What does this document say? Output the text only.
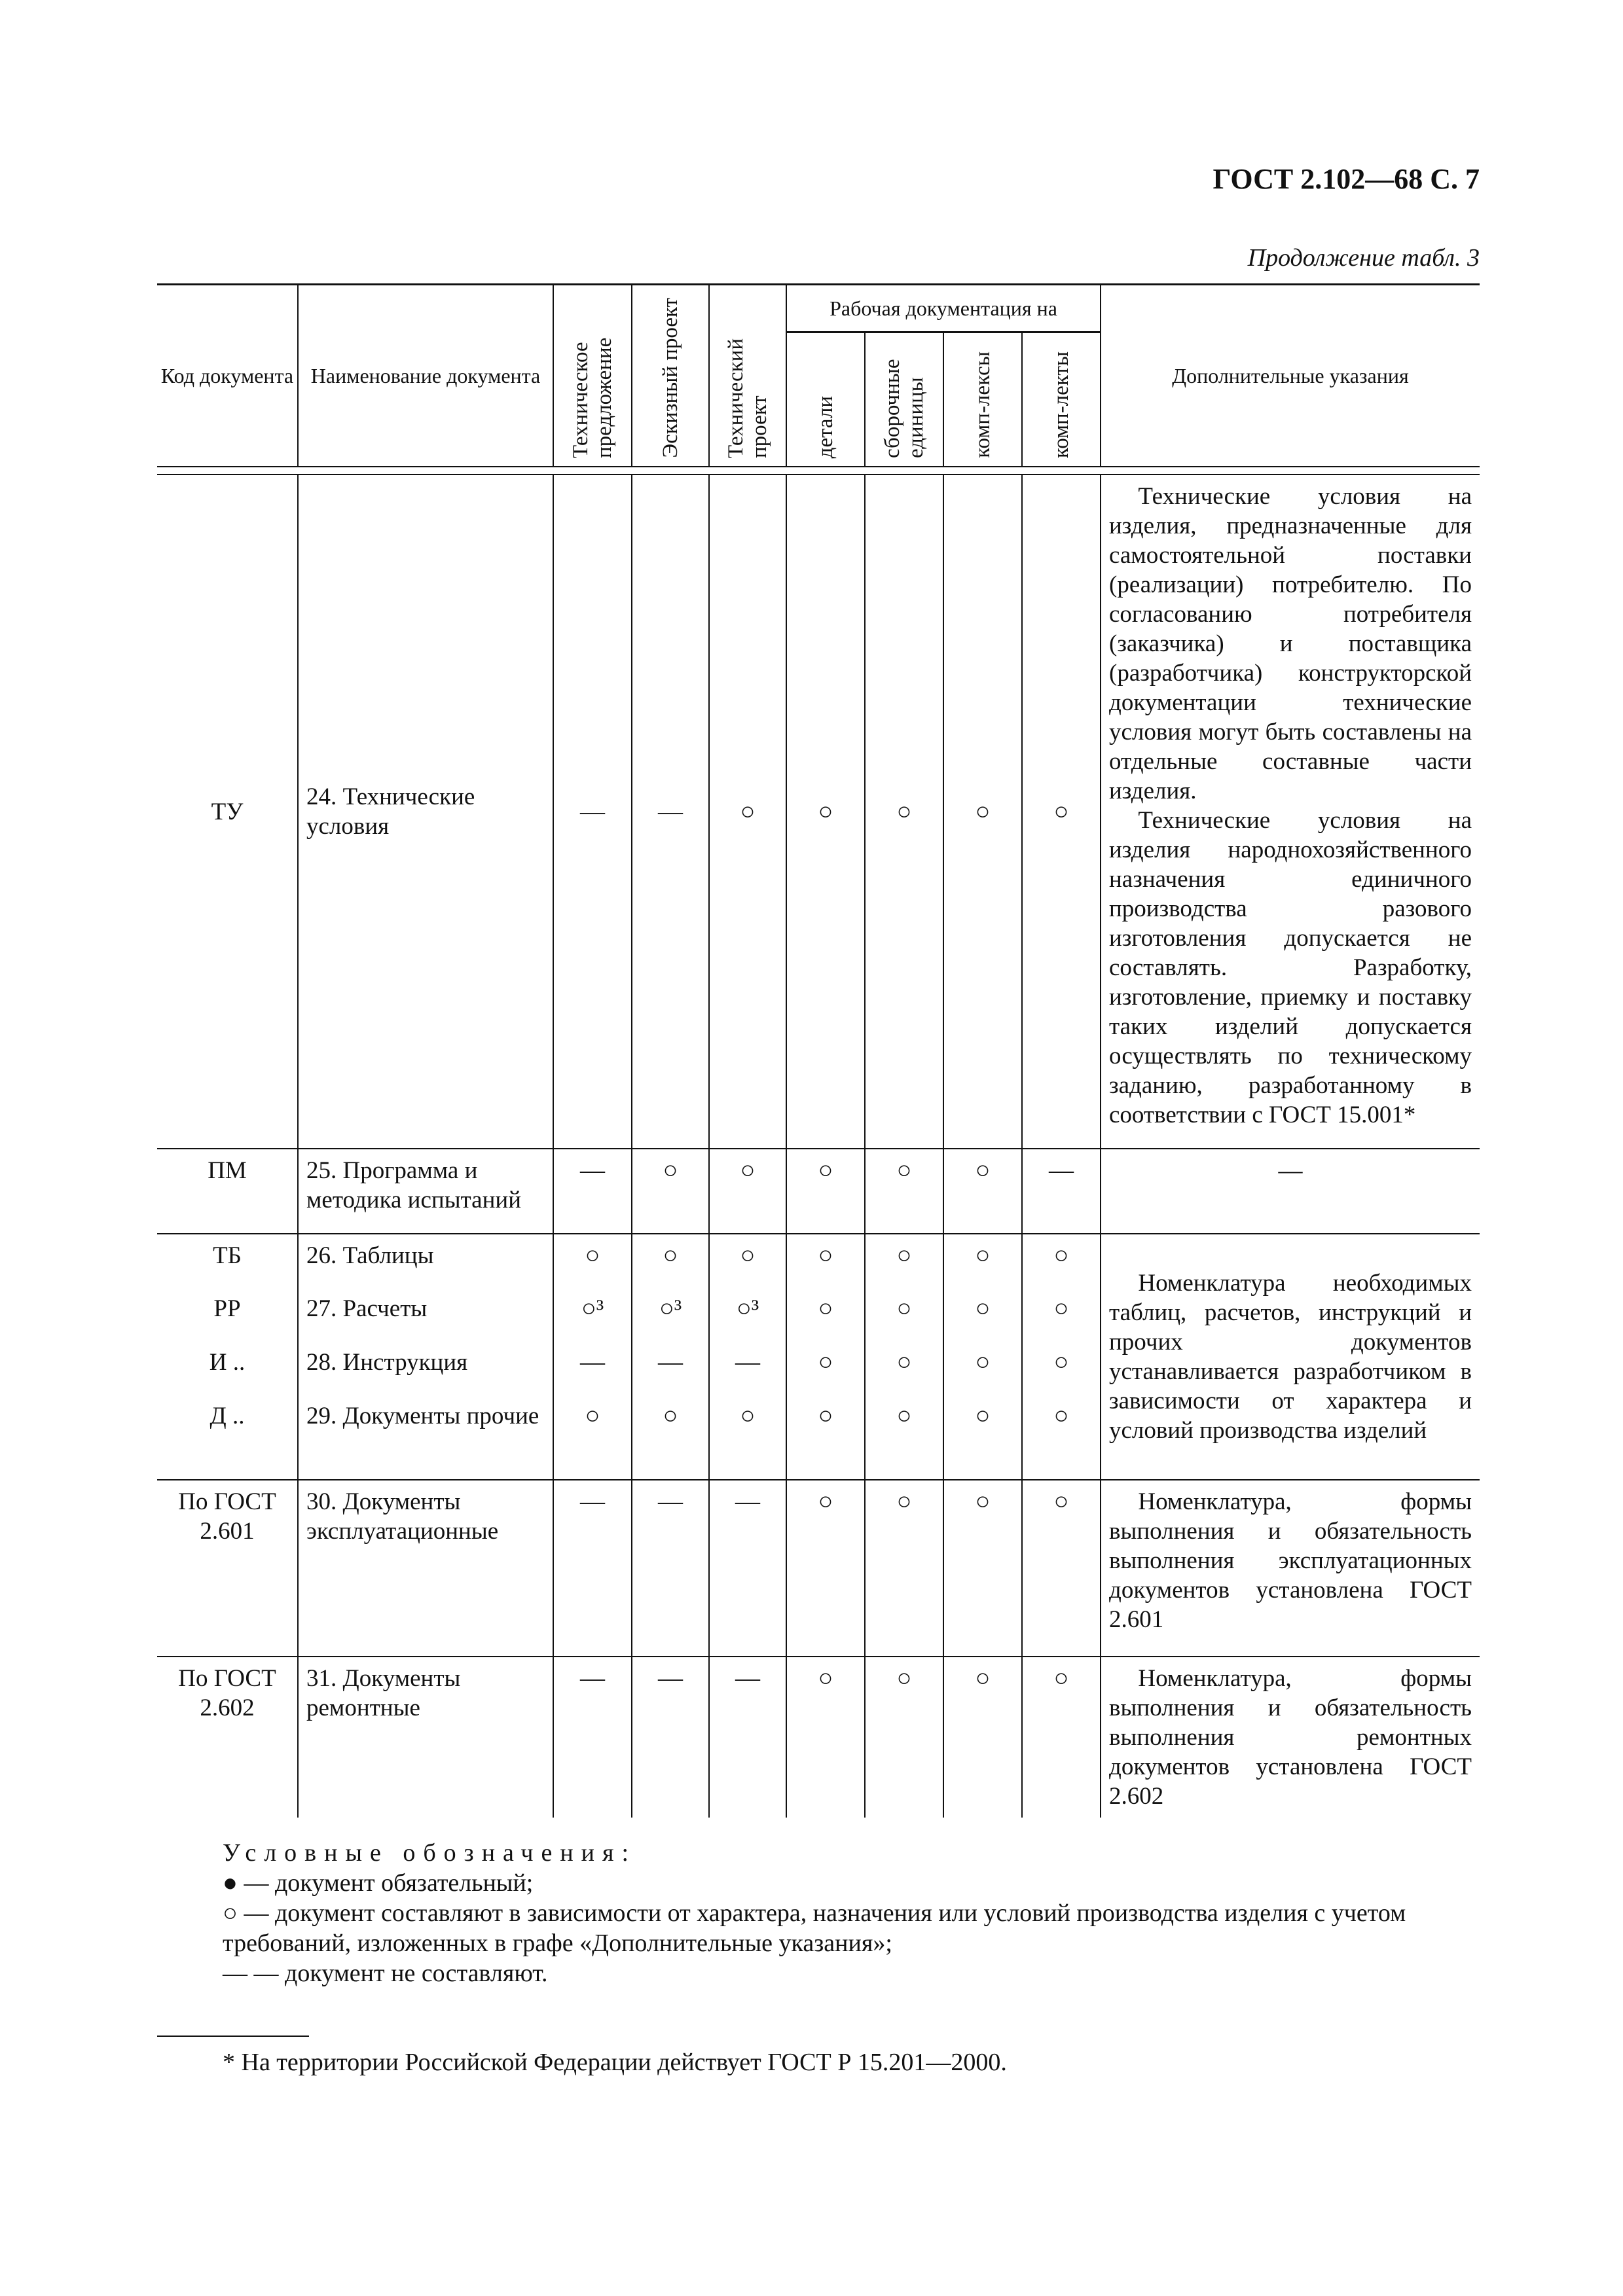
ГОСТ 2.102—68 С. 7
Продолжение табл. 3
Код документа	Наименование документа	Техническое предложение	Эскизный проект	Технический проект	Рабочая документация на				Дополнительные указания

					детали	сборочные единицы	комп-лексы	комп-лекты	

ТУ	24. Технические условия	—	—	○	○	○	○	○	Технические условия на изделия, предназначенные для самостоятельной поставки (реализации) потребителю. По согласованию потребителя (заказчика) и поставщика (разработчика) конструкторской документации технические условия могут быть составлены на отдельные составные части изделия.

Технические условия на изделия народнохозяйственного назначения единичного производства разового изготовления допускается не составлять. Разработку, изготовление, приемку и поставку таких изделий допускается осуществлять по техническому заданию, разработанному в соответствии с ГОСТ 15.001*

ПМ	25. Программа и методика испытаний	—	○	○	○	○	○	—	—
ТБ	26. Таблицы	○	○	○	○	○	○	○	Номенклатура необходимых таблиц, расчетов, инструкций и прочих документов устанавливается разработчиком в зависимости от характера и условий производства изделий

РР	27. Расчеты	○³	○³	○³	○	○	○	○	
И ..	28. Инструкция	—	—	—	○	○	○	○	
Д ..	29. Документы прочие	○	○	○	○	○	○	○	
По ГОСТ 2.601	30. Документы эксплуатационные	—	—	—	○	○	○	○	Номенклатура, формы выполнения и обязательность выполнения эксплуатационных документов установлена ГОСТ 2.601

По ГОСТ 2.602	31. Документы ремонтные	—	—	—	○	○	○	○	Номенклатура, формы выполнения и обязательность выполнения ремонтных документов установлена ГОСТ 2.602

Условные обозначения:
● — документ обязательный;
○ — документ составляют в зависимости от характера, назначения или условий производства изделия с учетом требований, изложенных в графе «Дополнительные указания»;
— — документ не составляют.
* На территории Российской Федерации действует ГОСТ Р 15.201—2000.
